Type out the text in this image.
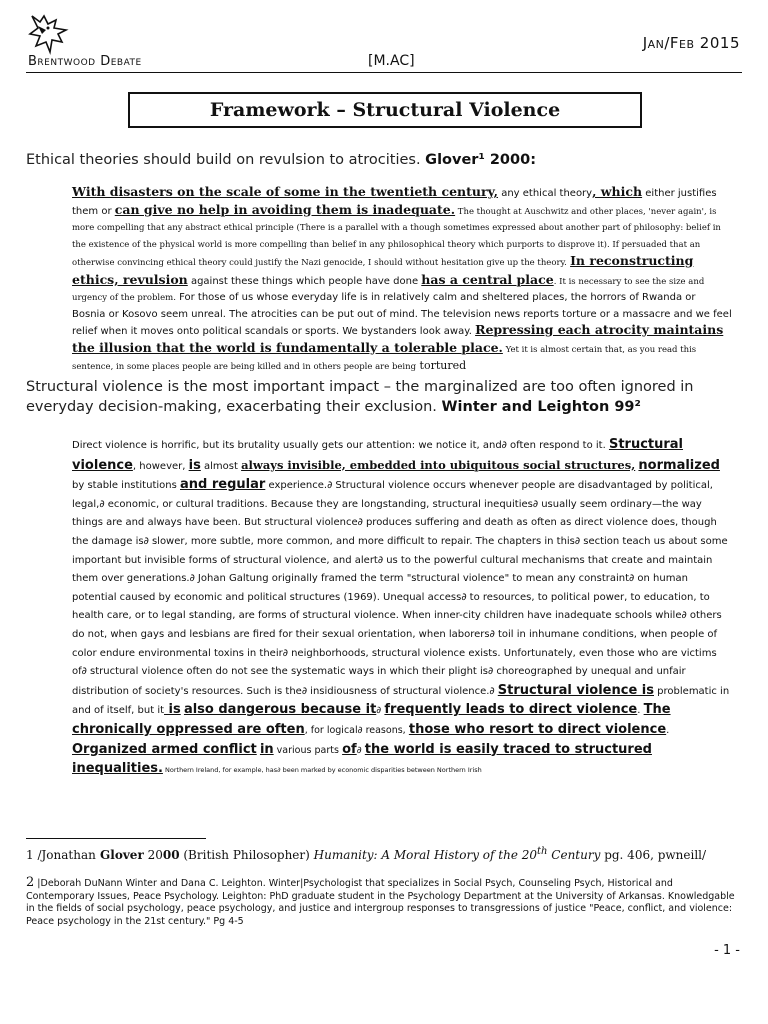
Brentwood Debate	[M.AC]
Jan/Feb 2015
Framework – Structural Violence
Ethical theories should build on revulsion to atrocities. Glover¹ 2000:
With disasters on the scale of some in the twentieth century, any ethical theory, which either justifies them or can give no help in avoiding them is inadequate. The thought at Auschwitz and other places, 'never again', is more compelling that any abstract ethical principle (There is a parallel with a though sometimes expressed about another part of philosophy: belief in the existence of the physical world is more compelling than belief in any philosophical theory which purports to disprove it). If persuaded that an otherwise convincing ethical theory could justify the Nazi genocide, I should without hesitation give up the theory. In reconstructing ethics, revulsion against these things which people have done has a central place. It is necessary to see the size and urgency of the problem. For those of us whose everyday life is in relatively calm and sheltered places, the horrors of Rwanda or Bosnia or Kosovo seem unreal. The atrocities can be put out of mind. The television news reports torture or a massacre and we feel relief when it moves onto political scandals or sports. We bystanders look away. Repressing each atrocity maintains the illusion that the world is fundamentally a tolerable place. Yet it is almost certain that, as you read this sentence, in some places people are being killed and in others people are being tortured
Structural violence is the most important impact – the marginalized are too often ignored in everyday decision-making, exacerbating their exclusion. Winter and Leighton 99²
Direct violence is horrific, but its brutality usually gets our attention: we notice it, and∂ often respond to it. Structural violence, however, is almost always invisible, embedded into ubiquitous social structures, normalized by stable institutions and regular experience.∂ Structural violence occurs whenever people are disadvantaged by political, legal,∂ economic, or cultural traditions. Because they are longstanding, structural inequities∂ usually seem ordinary—the way things are and always have been. But structural violence∂ produces suffering and death as often as direct violence does, though the damage is∂ slower, more subtle, more common, and more difficult to repair. The chapters in this∂ section teach us about some important but invisible forms of structural violence, and alert∂ us to the powerful cultural mechanisms that create and maintain them over generations.∂ Johan Galtung originally framed the term "structural violence" to mean any constraint∂ on human potential caused by economic and political structures (1969). Unequal access∂ to resources, to political power, to education, to health care, or to legal standing, are forms of structural violence. When inner-city children have inadequate schools while∂ others do not, when gays and lesbians are fired for their sexual orientation, when laborers∂ toil in inhumane conditions, when people of color endure environmental toxins in their∂ neighborhoods, structural violence exists. Unfortunately, even those who are victims of∂ structural violence often do not see the systematic ways in which their plight is∂ choreographed by unequal and unfair distribution of society's resources. Such is the∂ insidiousness of structural violence.∂ Structural violence is problematic in and of itself, but it is also dangerous because it∂ frequently leads to direct violence. The chronically oppressed are often, for logical∂ reasons, those who resort to direct violence. Organized armed conflict in various parts of∂ the world is easily traced to structured inequalities. Northern Ireland, for example, has∂ been marked by economic disparities between Northern Irish
1 /Jonathan Glover 2000 (British Philosopher) Humanity: A Moral History of the 20th Century pg. 406, pwneill/
2 |Deborah DuNann Winter and Dana C. Leighton. Winter|Psychologist that specializes in Social Psych, Counseling Psych, Historical and Contemporary Issues, Peace Psychology. Leighton: PhD graduate student in the Psychology Department at the University of Arkansas. Knowledgable in the fields of social psychology, peace psychology, and justice and intergroup responses to transgressions of justice "Peace, conflict, and violence: Peace psychology in the 21st century." Pg 4-5
- 1 -
